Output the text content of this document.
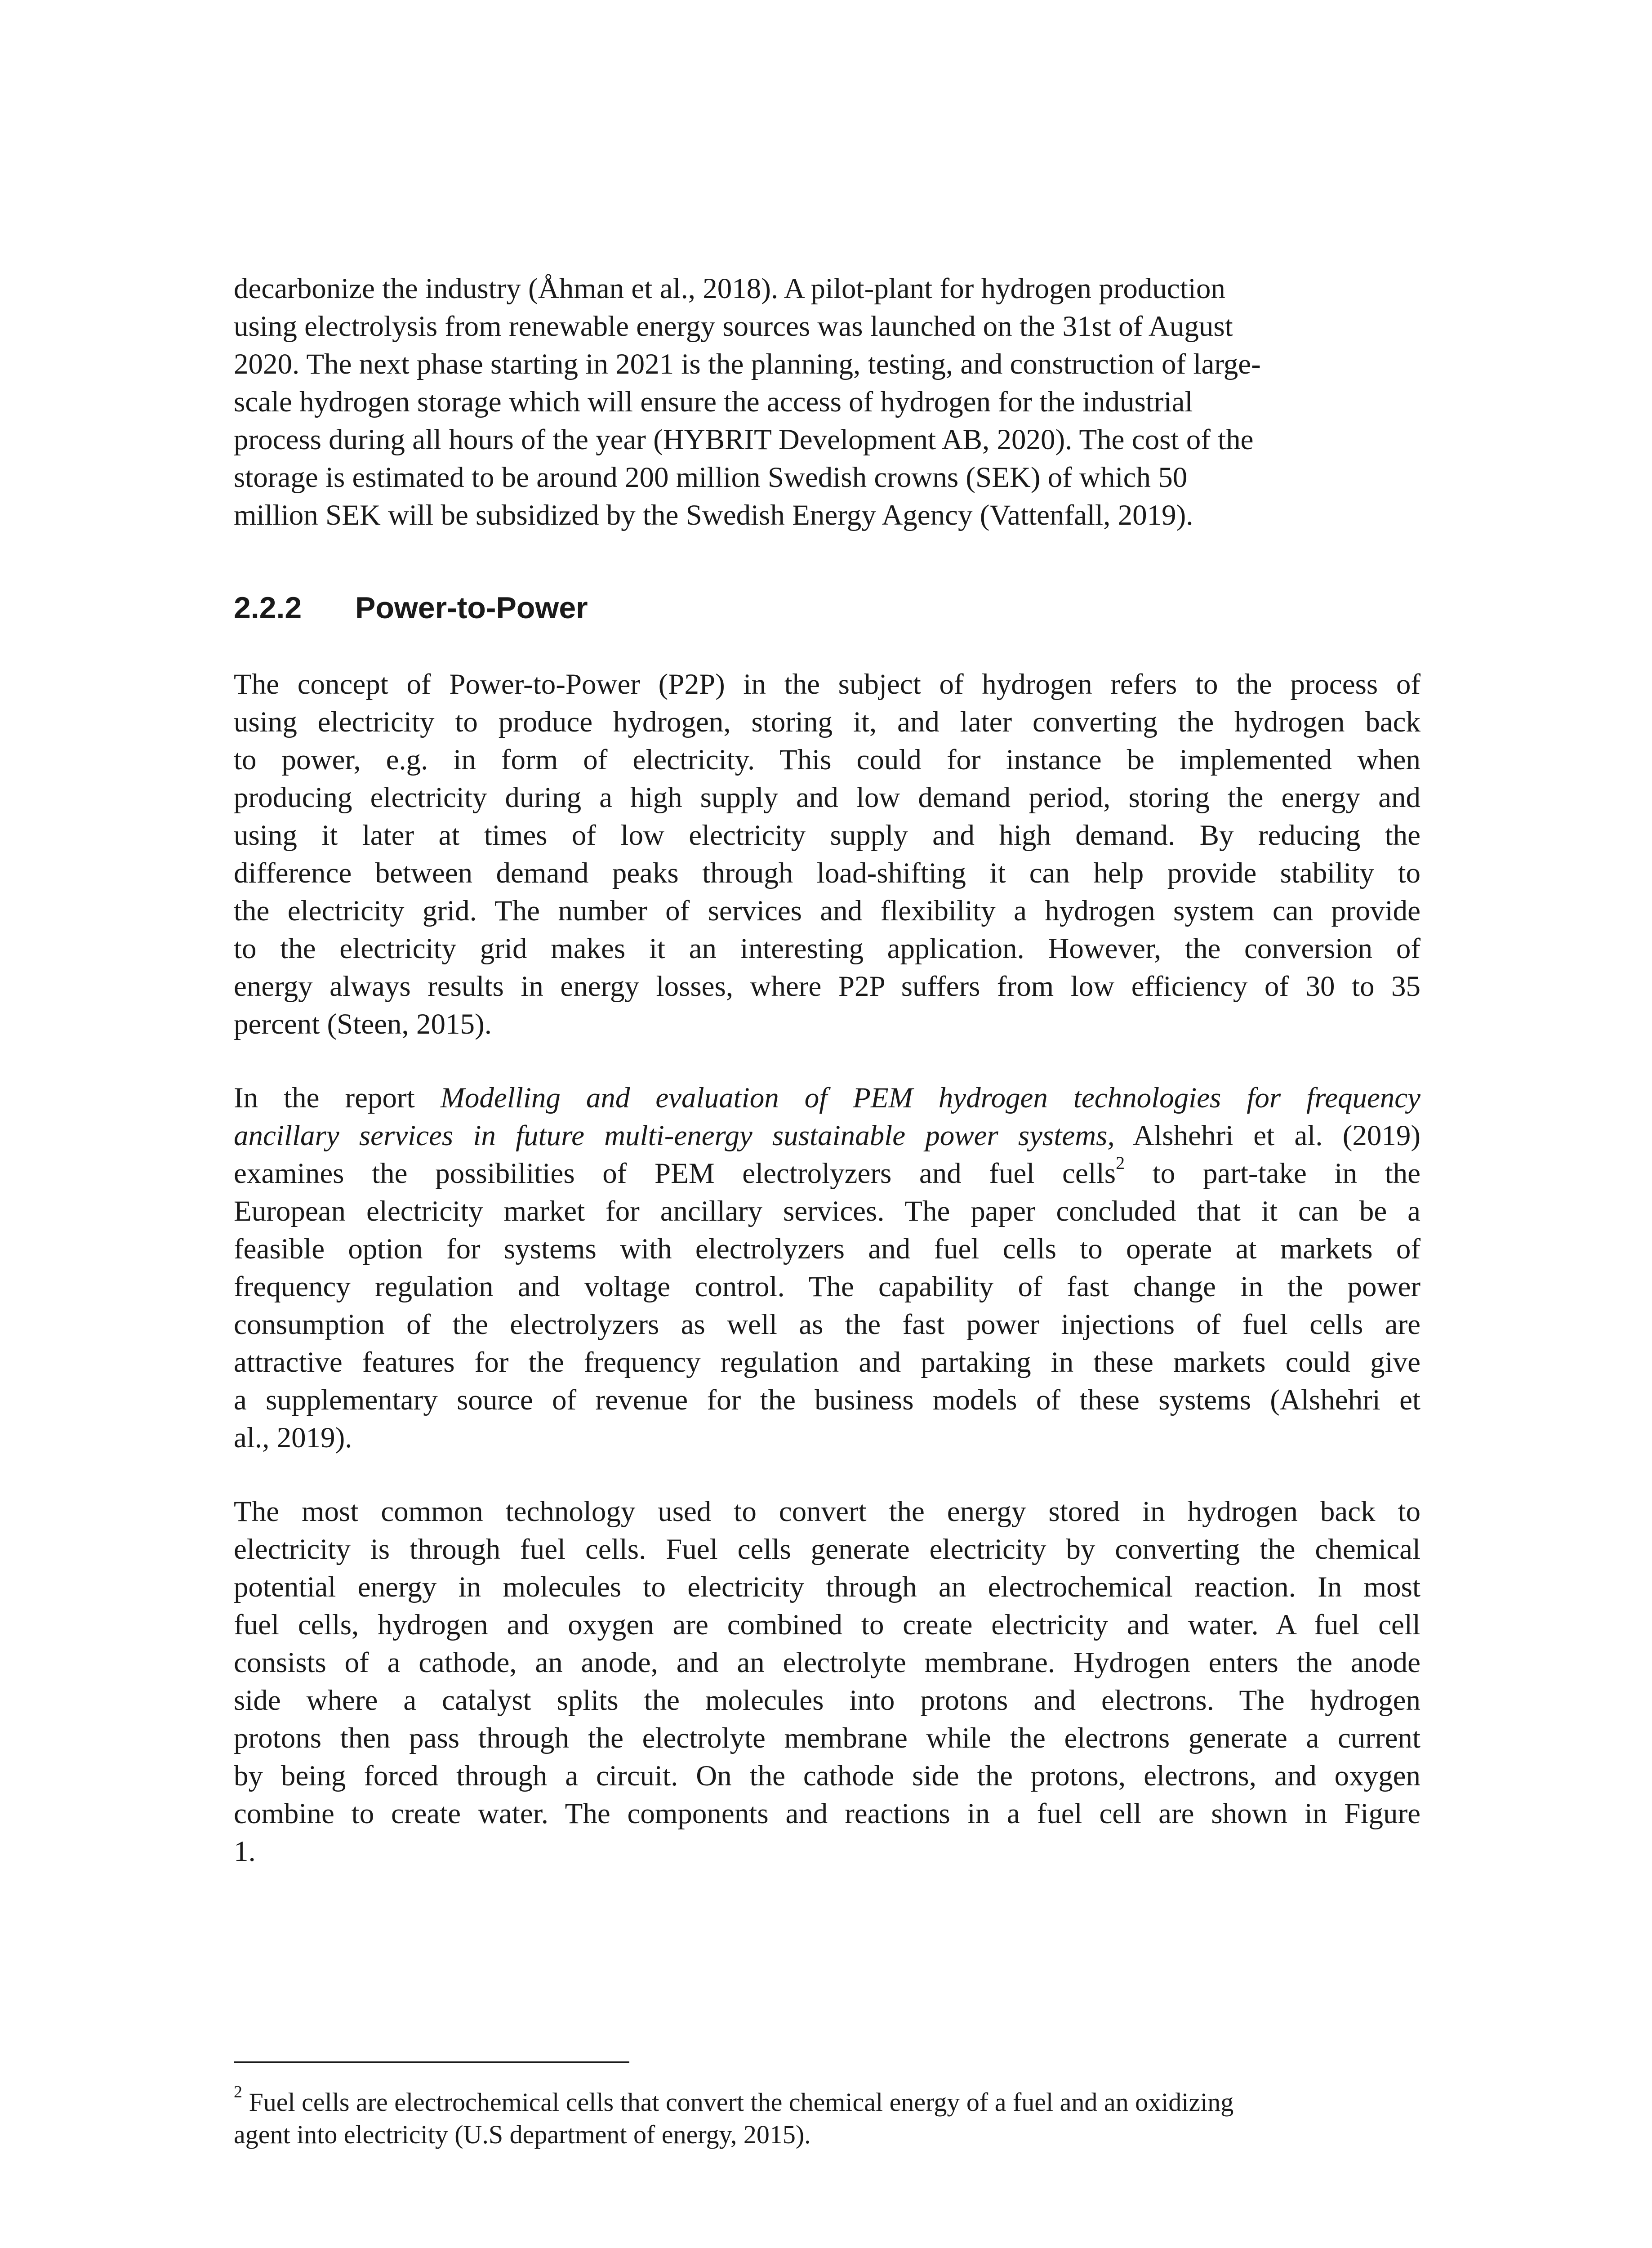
decarbonize the industry (Åhman et al., 2018). A pilot-plant for hydrogen production
using electrolysis from renewable energy sources was launched on the 31st of August
2020. The next phase starting in 2021 is the planning, testing, and construction of large-
scale hydrogen storage which will ensure the access of hydrogen for the industrial
process during all hours of the year (HYBRIT Development AB, 2020). The cost of the
storage is estimated to be around 200 million Swedish crowns (SEK) of which 50
million SEK will be subsidized by the Swedish Energy Agency (Vattenfall, 2019).

2.2.2 Power-to-Power

The concept of Power-to-Power (P2P) in the subject of hydrogen refers to the process of
using electricity to produce hydrogen, storing it, and later converting the hydrogen back
to power, e.g. in form of electricity. This could for instance be implemented when
producing electricity during a high supply and low demand period, storing the energy and
using it later at times of low electricity supply and high demand. By reducing the
difference between demand peaks through load-shifting it can help provide stability to
the electricity grid. The number of services and flexibility a hydrogen system can provide
to the electricity grid makes it an interesting application. However, the conversion of
energy always results in energy losses, where P2P suffers from low efficiency of 30 to 35
percent (Steen, 2015).

In the report Modelling and evaluation of PEM hydrogen technologies for frequency
ancillary services in future multi-energy sustainable power systems, Alshehri et al. (2019)
examines the possibilities of PEM electrolyzers and fuel cells$^2$ to part-take in the
European electricity market for ancillary services. The paper concluded that it can be a
feasible option for systems with electrolyzers and fuel cells to operate at markets of
frequency regulation and voltage control. The capability of fast change in the power
consumption of the electrolyzers as well as the fast power injections of fuel cells are
attractive features for the frequency regulation and partaking in these markets could give
a supplementary source of revenue for the business models of these systems (Alshehri et
al., 2019).

The most common technology used to convert the energy stored in hydrogen back to
electricity is through fuel cells. Fuel cells generate electricity by converting the chemical
potential energy in molecules to electricity through an electrochemical reaction. In most
fuel cells, hydrogen and oxygen are combined to create electricity and water. A fuel cell
consists of a cathode, an anode, and an electrolyte membrane. Hydrogen enters the anode
side where a catalyst splits the molecules into protons and electrons. The hydrogen
protons then pass through the electrolyte membrane while the electrons generate a current
by being forced through a circuit. On the cathode side the protons, electrons, and oxygen
combine to create water. The components and reactions in a fuel cell are shown in Figure
1.

$^2$ Fuel cells are electrochemical cells that convert the chemical energy of a fuel and an oxidizing
agent into electricity (U.S department of energy, 2015).
